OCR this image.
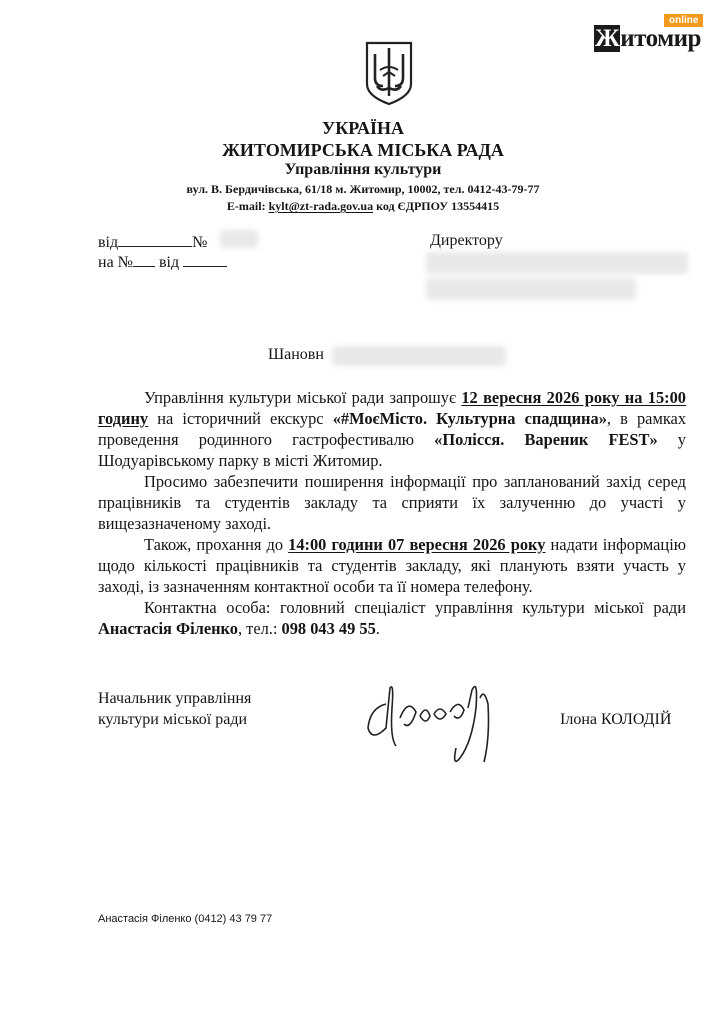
online
Житомир
УКРАЇНА
ЖИТОМИРСЬКА МІСЬКА РАДА
Управління культури
вул. В. Бердичівська, 61/18 м. Житомир, 10002, тел. 0412-43-79-77
E-mail: kylt@zt-rada.gov.ua код ЄДРПОУ 13554415
від	№
на № від
Директору
Шановн
Управління культури міської ради запрошує 12 вересня 2026 року на 15:00 годину на історичний екскурс «#МоєМісто. Культурна спадщина», в рамках проведення родинного гастрофестивалю «Полісся. Вареник FEST» у Шодуарівському парку в місті Житомир.
Просимо забезпечити поширення інформації про запланований захід серед працівників та студентів закладу та сприяти їх залученню до участі у вищезазначеному заході.
Також, прохання до 14:00 години 07 вересня 2026 року надати інформацію щодо кількості працівників та студентів закладу, які планують взяти участь у заході, із зазначенням контактної особи та її номера телефону.
Контактна особа: головний спеціаліст управління культури міської ради Анастасія Філенко, тел.: 098 043 49 55.
Начальник управління
культури міської ради	Ілона КОЛОДІЙ
Анастасія Філенко (0412) 43 79 77
